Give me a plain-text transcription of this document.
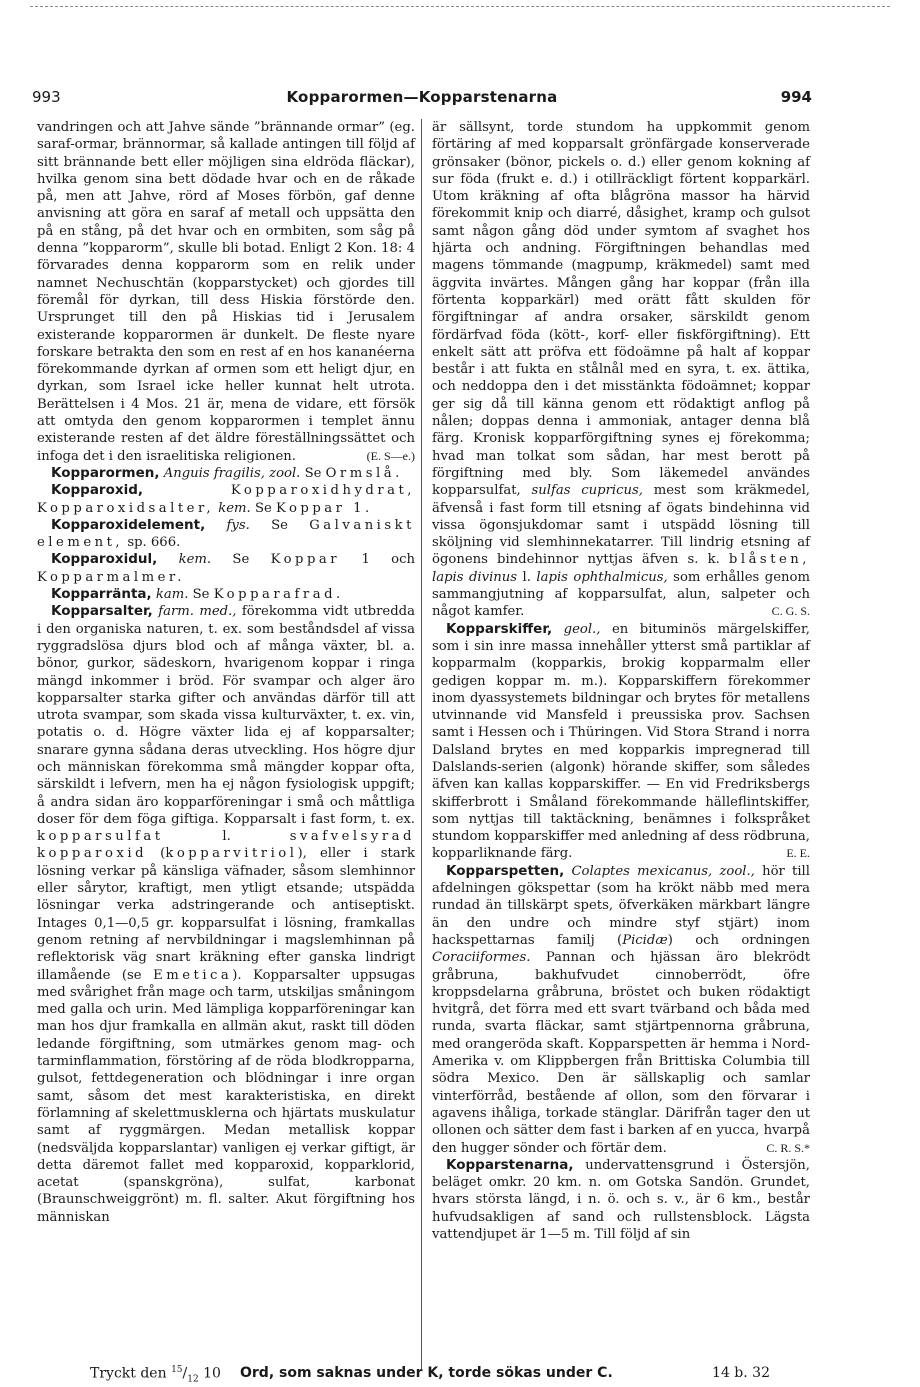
993	Kopparormen—Kopparstenarna	994

vandringen och att Jahve sände ”brännande ormar” (eg. saraf-ormar, brännormar, så kallade antingen till följd af sitt brännande bett eller möjligen sina eldröda fläckar), hvilka genom sina bett dödade hvar och en de råkade på, men att Jahve, rörd af Moses förbön, gaf denne anvisning att göra en saraf af metall och uppsätta den på en stång, på det hvar och en ormbiten, som såg på denna ”kopparorm”, skulle bli botad. Enligt 2 Kon. 18: 4 förvarades denna kopparorm som en relik under namnet Nechuschtän (kopparstycket) och gjordes till föremål för dyrkan, till dess Hiskia förstörde den. Ursprunget till den på Hiskias tid i Jerusalem existerande kopparormen är dunkelt. De fleste nyare forskare betrakta den som en rest af en hos kananéerna förekommande dyrkan af ormen som ett heligt djur, en dyrkan, som Israel icke heller kunnat helt utrota. Berättelsen i 4 Mos. 21 är, mena de vidare, ett försök att omtyda den genom kopparormen i templet ännu existerande resten af det äldre föreställningssättet och infoga det i den israelitiska religionen.	(E. S—e.)

Kopparormen, Anguis fragilis, zool. Se Ormslå.

Kopparoxid,	Kopparoxidhydrat, Kopparoxidsalter, kem. Se Koppar 1.

Kopparoxidelement, fys. Se Galvaniskt element, sp. 666.

Kopparoxidul, kem. Se Koppar 1 och Kopparmalmer.

Kopparränta, kam. Se Kopparafrad.

Kopparsalter, farm. med., förekomma vidt utbredda i den organiska naturen, t. ex. som beståndsdel af vissa ryggradslösa djurs blod och af många växter, bl. a. bönor, gurkor, sädeskorn, hvarigenom koppar i ringa mängd inkommer i bröd. För svampar och alger äro kopparsalter starka gifter och användas därför till att utrota svampar, som skada vissa kulturväxter, t. ex. vin, potatis o. d. Högre växter lida ej af kopparsalter; snarare gynna sådana deras utveckling. Hos högre djur och människan förekomma små mängder koppar ofta, särskildt i lefvern, men ha ej någon fysiologisk uppgift; å andra sidan äro kopparföreningar i små och måttliga doser för dem föga giftiga. Kopparsalt i fast form, t. ex. kopparsulfat	l.	svafvelsyrad kopparoxid (kopparvitriol), eller i stark lösning verkar på känsliga väfnader, såsom slemhinnor eller sårytor, kraftigt, men ytligt etsande; utspädda lösningar verka adstringerande och antiseptiskt. Intages 0,1—0,5 gr. kopparsulfat i lösning, framkallas genom retning af nervbildningar i magslemhinnan på reflektorisk väg snart kräkning efter ganska lindrigt illamående (se Emetica). Kopparsalter uppsugas med svårighet från mage och tarm, utskiljas småningom med galla och urin. Med lämpliga kopparföreningar kan man hos djur framkalla en allmän akut, raskt till döden ledande förgiftning, som utmärkes genom mag- och tarminflammation, förstöring af de röda blodkropparna, gulsot, fettdegeneration och blödningar i inre organ samt, såsom det mest karakteristiska, en direkt förlamning af skelettmusklerna och hjärtats muskulatur samt af ryggmärgen. Medan metallisk koppar (nedsväljda kopparslantar) vanligen ej verkar giftigt, är detta däremot fallet med kopparoxid, kopparklorid, acetat (spanskgröna), sulfat, karbonat (Braunschweiggrönt) m. fl. salter. Akut förgiftning hos människan

är sällsynt, torde stundom ha uppkommit genom förtäring af med kopparsalt grönfärgade konserverade grönsaker (bönor, pickels o. d.) eller genom kokning af sur föda (frukt e. d.) i otillräckligt förtent kopparkärl. Utom kräkning af ofta blågröna massor ha härvid förekommit knip och diarré, dåsighet, kramp och gulsot samt någon gång död under symtom af svaghet hos hjärta och andning. Förgiftningen behandlas med magens tömmande (magpump, kräkmedel) samt med äggvita invärtes. Mången gång har koppar (från illa förtenta kopparkärl) med orätt fått skulden för förgiftningar af andra orsaker, särskildt genom fördärfvad föda (kött-, korf- eller fiskförgiftning). Ett enkelt sätt att pröfva ett födoämne på halt af koppar består i att fukta en stålnål med en syra, t. ex. ättika, och neddoppa den i det misstänkta födoämnet; koppar ger sig då till känna genom ett rödaktigt anflog på nålen; doppas denna i ammoniak, antager denna blå färg. Kronisk kopparförgiftning synes ej förekomma; hvad man tolkat som sådan, har mest berott på förgiftning med bly. Som läkemedel användes kopparsulfat, sulfas cupricus, mest som kräkmedel, äfvenså i fast form till etsning af ögats bindehinna vid vissa ögonsjukdomar samt i utspädd lösning till sköljning vid slemhinnekatarrer. Till lindrig etsning af ögonens bindehinnor nyttjas äfven s. k. blåsten, lapis divinus l. lapis ophthalmicus, som erhålles genom sammangjutning af kopparsulfat, alun, salpeter och något kamfer.	C. G. S.

Kopparskiffer, geol., en bituminös märgelskiffer, som i sin inre massa innehåller ytterst små partiklar af kopparmalm (kopparkis, brokig kopparmalm eller gedigen koppar m. m.). Kopparskiffern förekommer inom dyassystemets bildningar och brytes för metallens utvinnande vid Mansfeld i preussiska prov. Sachsen samt i Hessen och i Thüringen. Vid Stora Strand i norra Dalsland brytes en med kopparkis impregnerad till Dalslands-serien (algonk) hörande skiffer, som således äfven kan kallas kopparskiffer. — En vid Fredriksbergs skifferbrott i Småland förekommande hälleflintskiffer, som nyttjas till taktäckning, benämnes i folkspråket stundom kopparskiffer med anledning af dess rödbruna, kopparliknande färg.	E. E.

Kopparspetten, Colaptes mexicanus, zool., hör till afdelningen gökspettar (som ha krökt näbb med mera rundad än tillskärpt spets, öfverkäken märkbart längre än den undre och mindre styf stjärt) inom hackspettarnas familj (Picidæ) och ordningen Coraciiformes. Pannan och hjässan äro blekrödt gråbruna, bakhufvudet cinnoberrödt, öfre kroppsdelarna gråbruna, bröstet och buken rödaktigt hvitgrå, det förra med ett svart tvärband och båda med runda, svarta fläckar, samt stjärtpennorna gråbruna, med orangeröda skaft. Kopparspetten är hemma i Nord-Amerika v. om Klippbergen från Brittiska Columbia till södra Mexico. Den är sällskaplig och samlar vinterförråd, bestående af ollon, som den förvarar i agavens ihåliga, torkade stänglar. Därifrån tager den ut ollonen och sätter dem fast i barken af en yucca, hvarpå den hugger sönder och förtär dem.	C. R. S.*

Kopparstenarna, undervattensgrund i Östersjön, beläget omkr. 20 km. n. om Gotska Sandön. Grundet, hvars största längd, i n. ö. och s. v., är 6 km., består hufvudsakligen af sand och rullstensblock. Lägsta vattendjupet är 1—5 m. Till följd af sin

Tryckt den $^{15}/_{12}$ 10 Ord, som saknas under K, torde sökas under C.	14 b. 32
